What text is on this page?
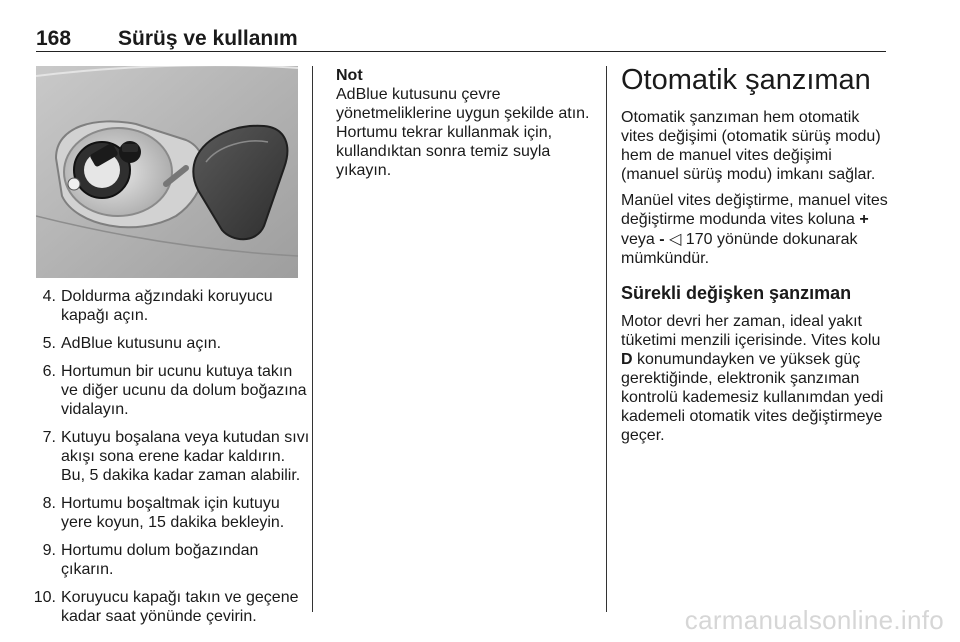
168 Sürüş ve kullanım
4. Doldurma ağzındaki koruyucu kapağı açın.
5. AdBlue kutusunu açın.
6. Hortumun bir ucunu kutuya takın ve diğer ucunu da dolum boğazına vidalayın.
7. Kutuyu boşalana veya kutudan sıvı akışı sona erene kadar kaldırın. Bu, 5 dakika kadar zaman alabilir.
8. Hortumu boşaltmak için kutuyu yere koyun, 15 dakika bekleyin.
9. Hortumu dolum boğazından çıkarın.
10. Koruyucu kapağı takın ve geçene kadar saat yönünde çevirin.
Not
AdBlue kutusunu çevre yönetmeliklerine uygun şekilde atın. Hortumu tekrar kullanmak için, kullandıktan sonra temiz suyla yıkayın.
Otomatik şanzıman

Otomatik şanzıman hem otomatik vites değişimi (otomatik sürüş modu) hem de manuel vites değişimi (manuel sürüş modu) imkanı sağlar.

Manüel vites değiştirme, manuel vites değiştirme modunda vites koluna + veya - ◁ 170 yönünde dokunarak mümkündür.

Sürekli değişken şanzıman

Motor devri her zaman, ideal yakıt tüketimi menzili içerisinde. Vites kolu D konumundayken ve yüksek güç gerektiğinde, elektronik şanzıman kontrolü kademesiz kullanımdan yedi kademeli otomatik vites değiştirmeye geçer.

carmanualsonline.info
